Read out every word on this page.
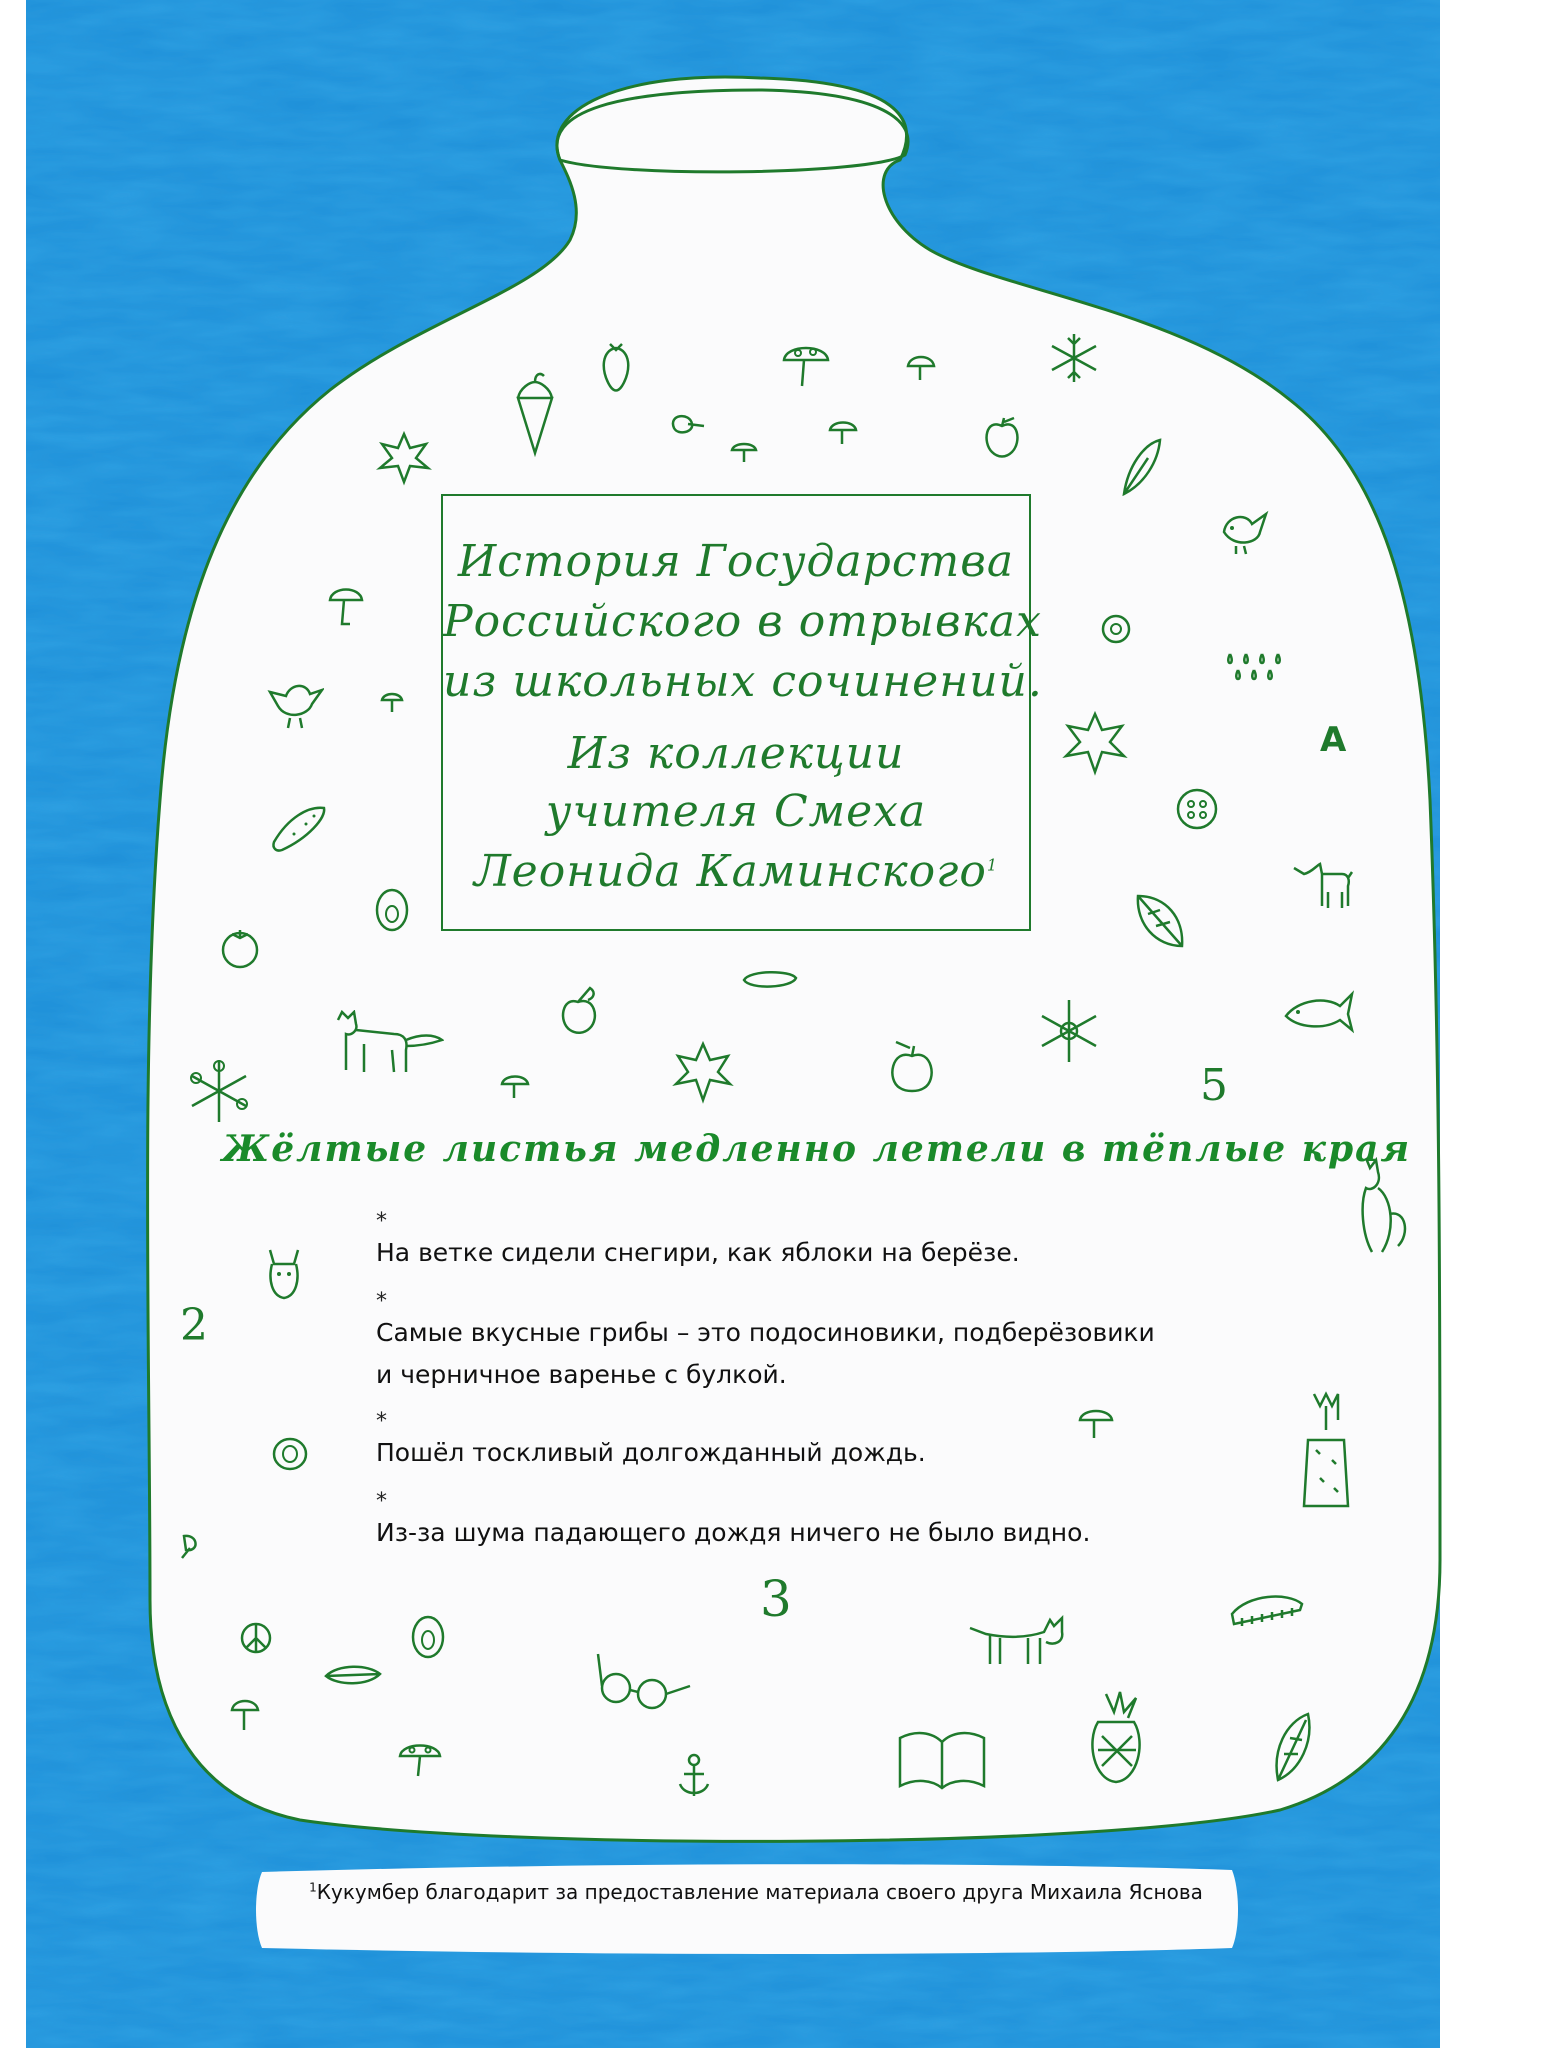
История Государства
Российского в отрывках
из школьных сочинений.
Из коллекции
учителя Смеха
Леонида Каминского$^1$
Жёлтые листья медленно летели в тёплые края
*
На ветке сидели снегири, как яблоки на берёзе.
*
Самые вкусные грибы – это подосиновики, подберёзовики
и черничное варенье с булкой.
*
Пошёл тоскливый долгожданный дождь.
*
Из-за шума падающего дождя ничего не было видно.
5
2
3
A
$^1$Кукумбер благодарит за предоставление материала своего друга Михаила Яснова
